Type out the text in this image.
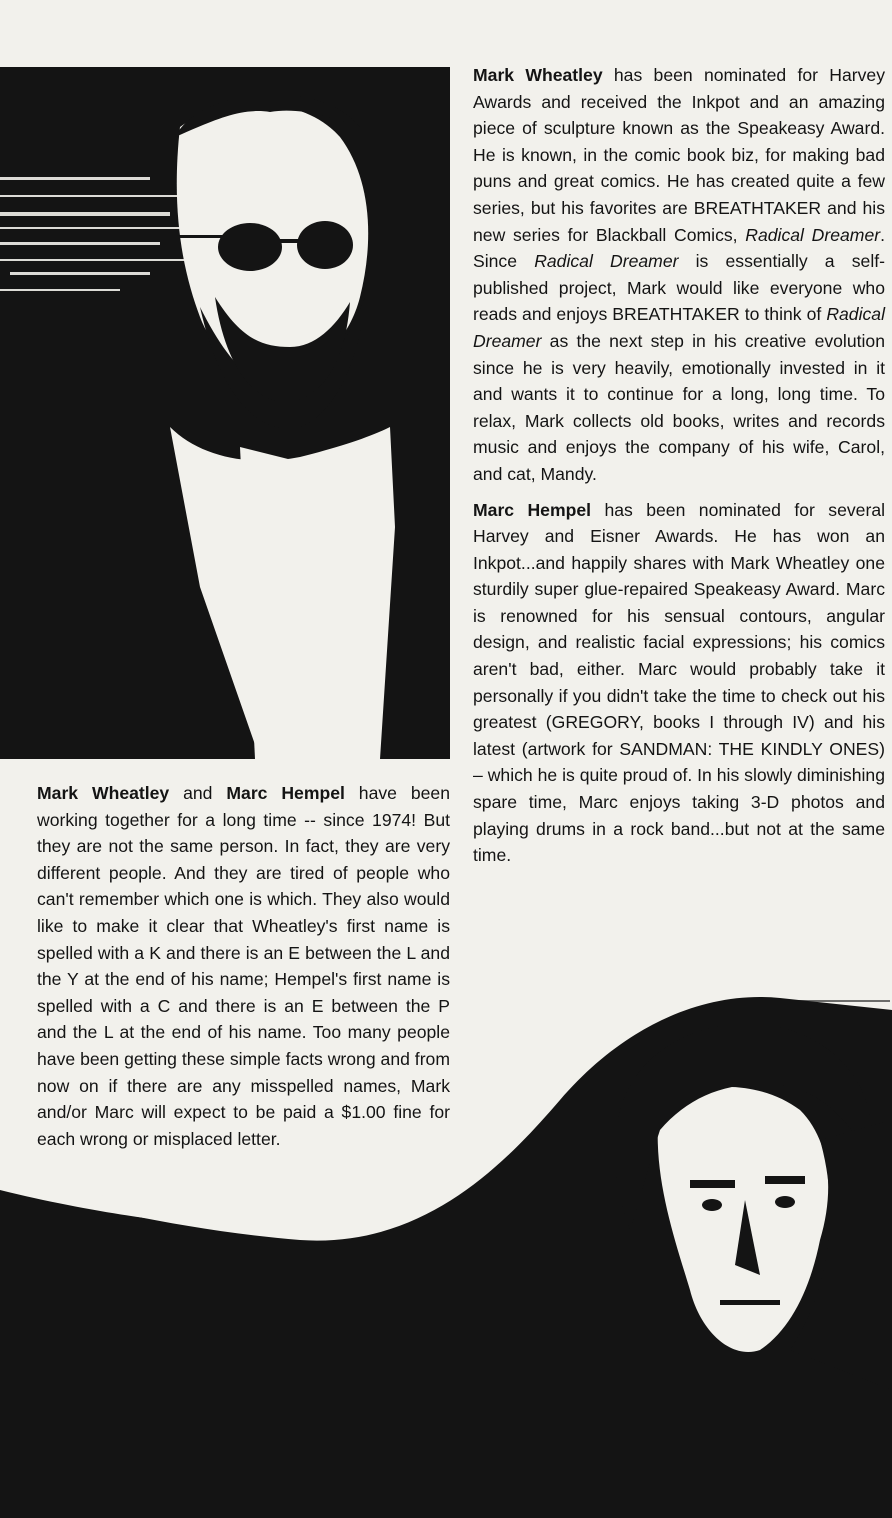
Mark Wheatley has been nominated for Harvey Awards and received the Inkpot and an amazing piece of sculpture known as the Speakeasy Award. He is known, in the comic book biz, for making bad puns and great comics. He has created quite a few series, but his favorites are BREATHTAKER and his new series for Blackball Comics, Radical Dreamer. Since Radical Dreamer is essentially a self-published project, Mark would like everyone who reads and enjoys BREATHTAKER to think of Radical Dreamer as the next step in his creative evolution since he is very heavily, emotionally invested in it and wants it to continue for a long, long time. To relax, Mark collects old books, writes and records music and enjoys the company of his wife, Carol, and cat, Mandy.

Marc Hempel has been nominated for several Harvey and Eisner Awards. He has won an Inkpot...and happily shares with Mark Wheatley one sturdily super glue-repaired Speakeasy Award. Marc is renowned for his sensual contours, angular design, and realistic facial expressions; his comics aren't bad, either. Marc would probably take it personally if you didn't take the time to check out his greatest (GREGORY, books I through IV) and his latest (artwork for SANDMAN: THE KINDLY ONES) – which he is quite proud of. In his slowly diminishing spare time, Marc enjoys taking 3-D photos and playing drums in a rock band...but not at the same time.

Mark Wheatley and Marc Hempel have been working together for a long time -- since 1974! But they are not the same person. In fact, they are very different people. And they are tired of people who can't remember which one is which. They also would like to make it clear that Wheatley's first name is spelled with a K and there is an E between the L and the Y at the end of his name; Hempel's first name is spelled with a C and there is an E between the P and the L at the end of his name. Too many people have been getting these simple facts wrong and from now on if there are any misspelled names, Mark and/or Marc will expect to be paid a $1.00 fine for each wrong or misplaced letter.
